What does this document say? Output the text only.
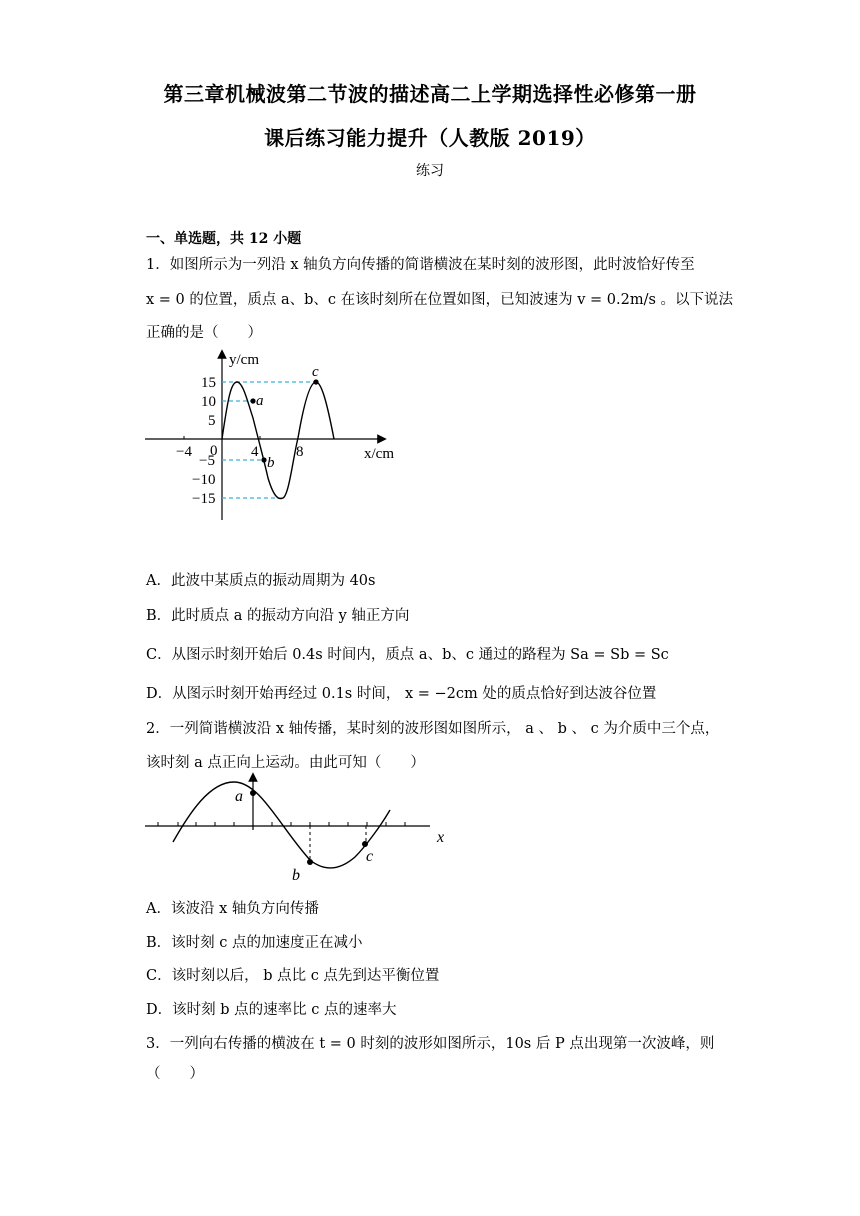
第三章机械波第二节波的描述高二上学期选择性必修第一册
课后练习能力提升（人教版 2019）
练习
一、单选题，共 12 小题
1．如图所示为一列沿 x 轴负方向传播的简谐横波在某时刻的波形图，此时波恰好传至
x = 0 的位置，质点 a、b、c 在该时刻所在位置如图，已知波速为 v = 0.2m/s 。以下说法
正确的是（　　）
a
b
c
y/cm
x/cm
15
10
5
0
−5
−10
−15
−4	4	8
A．此波中某质点的振动周期为 40s
B．此时质点 a 的振动方向沿 y 轴正方向
C．从图示时刻开始后 0.4s 时间内，质点 a、b、c 通过的路程为 Sa = Sb = Sc
D．从图示时刻开始再经过 0.1s 时间， x = −2cm 处的质点恰好到达波谷位置
2．一列简谐横波沿 x 轴传播，某时刻的波形图如图所示， a 、 b 、 c 为介质中三个点，
该时刻 a 点正向上运动。由此可知（　　）
a
b
c
x
A．该波沿 x 轴负方向传播
B．该时刻 c 点的加速度正在减小
C．该时刻以后， b 点比 c 点先到达平衡位置
D．该时刻 b 点的速率比 c 点的速率大
3．一列向右传播的横波在 t = 0 时刻的波形如图所示，10s 后 P 点出现第一次波峰，则
（　　）
